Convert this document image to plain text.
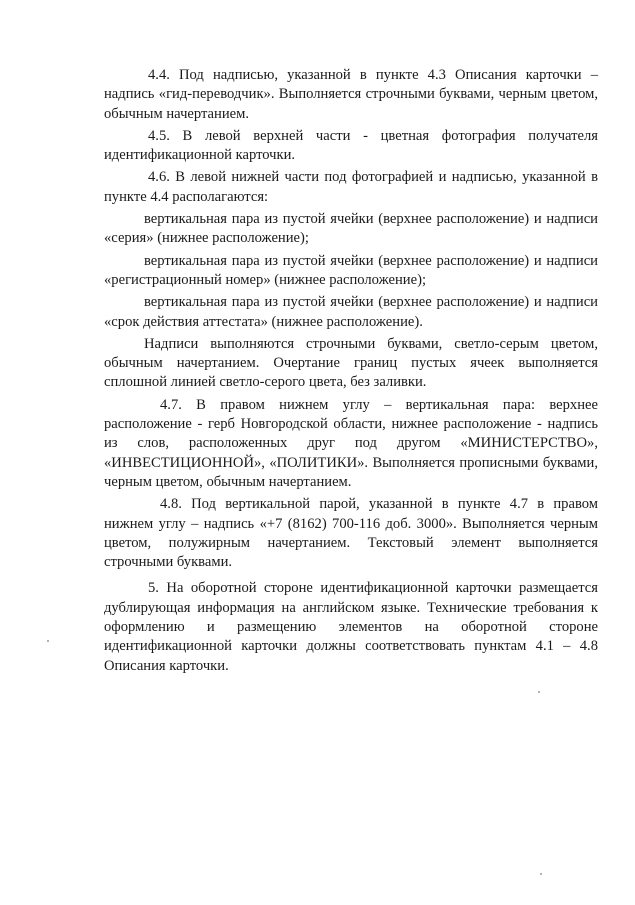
4.4. Под надписью, указанной в пункте 4.3 Описания карточки – надпись «гид-переводчик». Выполняется строчными буквами, черным цветом, обычным начертанием.

4.5. В левой верхней части - цветная фотография получателя идентификационной карточки.

4.6. В левой нижней части под фотографией и надписью, указанной в пункте 4.4 располагаются:

вертикальная пара из пустой ячейки (верхнее расположение) и надписи «серия» (нижнее расположение);

вертикальная пара из пустой ячейки (верхнее расположение) и надписи «регистрационный номер» (нижнее расположение);

вертикальная пара из пустой ячейки (верхнее расположение) и надписи «срок действия аттестата» (нижнее расположение).

Надписи выполняются строчными буквами, светло-серым цветом, обычным начертанием. Очертание границ пустых ячеек выполняется сплошной линией светло-серого цвета, без заливки.

4.7. В правом нижнем углу – вертикальная пара: верхнее расположение - герб Новгородской области, нижнее расположение - надпись из слов, расположенных друг под другом «МИНИСТЕРСТВО», «ИНВЕСТИЦИОННОЙ», «ПОЛИТИКИ». Выполняется прописными буквами, черным цветом, обычным начертанием.

4.8. Под вертикальной парой, указанной в пункте 4.7 в правом нижнем углу – надпись «+7 (8162) 700-116 доб. 3000». Выполняется черным цветом, полужирным начертанием. Текстовый элемент выполняется строчными буквами.

5. На оборотной стороне идентификационной карточки размещается дублирующая информация на английском языке. Технические требования к оформлению и размещению элементов на оборотной стороне идентификационной карточки должны соответствовать пунктам 4.1 – 4.8 Описания карточки.
